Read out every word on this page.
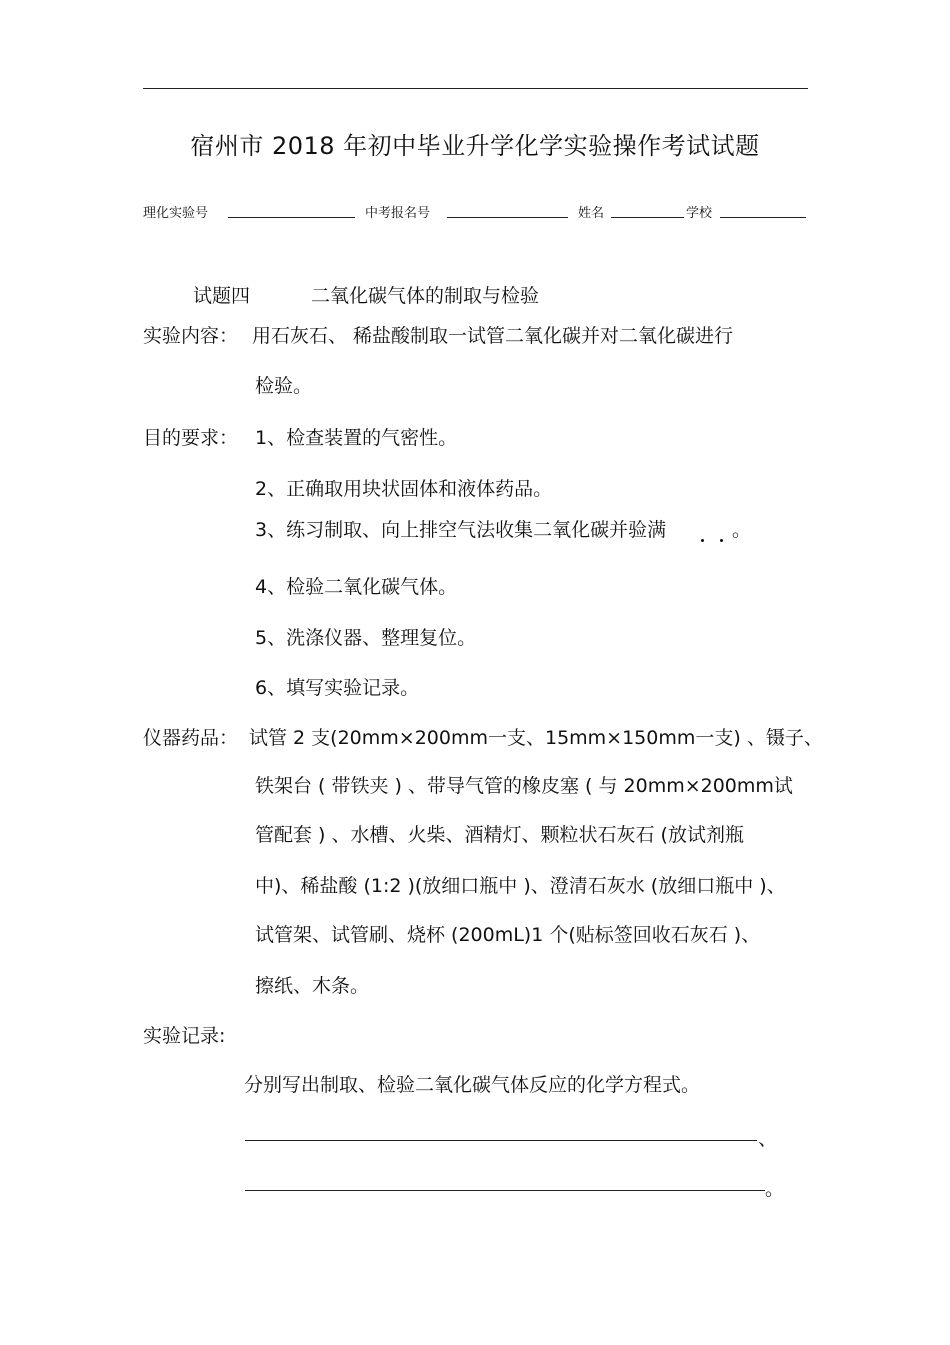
宿州市 2018 年初中毕业升学化学实验操作考试试题
理化实验号	中考报名号	姓名	学校
试题四	二氧化碳气体的制取与检验
实验内容： 用石灰石、 稀盐酸制取一试管二氧化碳并对二氧化碳进行
检验。
目的要求： 1、检查装置的气密性。
2、正确取用块状固体和液体药品。
3、练习制取、向上排空气法收集二氧化碳并验满	。
4、检验二氧化碳气体。
5、洗涤仪器、整理复位。
6、填写实验记录。
仪器药品： 试管 2 支(20mm×200mm一支、15mm×150mm一支) 、镊子、
铁架台 ( 带铁夹 ) 、带导气管的橡皮塞 ( 与 20mm×200mm试
管配套 ) 、水槽、火柴、酒精灯、颗粒状石灰石 (放试剂瓶
中)、稀盐酸 (1:2 )(放细口瓶中 )、澄清石灰水 (放细口瓶中 )、
试管架、试管刷、烧杯 (200mL)1 个(贴标签回收石灰石 )、
擦纸、木条。
实验记录:
分别写出制取、检验二氧化碳气体反应的化学方程式。
、
。
